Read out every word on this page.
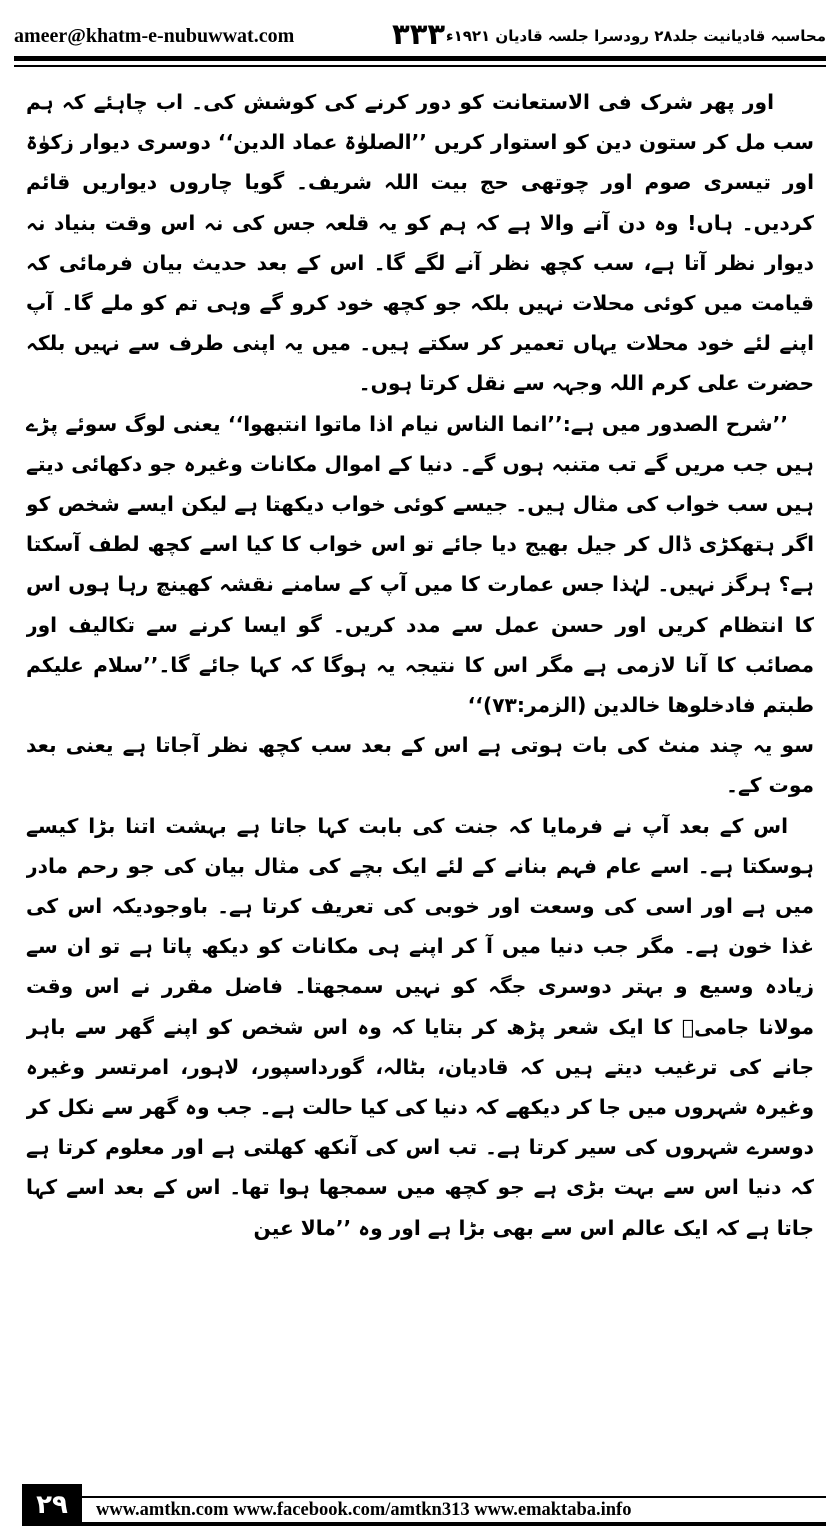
ameer@khatm-e-nubuwwat.com	۳۳۳ محاسبہ قادیانیت جلد۲۸ رودسرا جلسہ قادیان ۱۹۲۱ء

اور پھر شرک فی الاستعانت کو دور کرنے کی کوشش کی۔ اب چاہئے کہ ہم سب مل کر ستون دین کو استوار کریں ’’الصلوٰۃ عماد الدین‘‘ دوسری دیوار زکوٰۃ اور تیسری صوم اور چوتھی حج بیت اللہ شریف۔ گویا چاروں دیواریں قائم کردیں۔ ہاں! وہ دن آنے والا ہے کہ ہم کو یہ قلعہ جس کی نہ اس وقت بنیاد نہ دیوار نظر آتا ہے، سب کچھ نظر آنے لگے گا۔ اس کے بعد حدیث بیان فرمائی کہ قیامت میں کوئی محلات نہیں بلکہ جو کچھ خود کرو گے وہی تم کو ملے گا۔ آپ اپنے لئے خود محلات یہاں تعمیر کر سکتے ہیں۔ میں یہ اپنی طرف سے نہیں بلکہ حضرت علی کرم اللہ وجہہ سے نقل کرتا ہوں۔

’’شرح الصدور میں ہے:’’انما الناس نیام اذا ماتوا انتبھوا‘‘ یعنی لوگ سوئے پڑے ہیں جب مریں گے تب متنبہ ہوں گے۔ دنیا کے اموال مکانات وغیرہ جو دکھائی دیتے ہیں سب خواب کی مثال ہیں۔ جیسے کوئی خواب دیکھتا ہے لیکن ایسے شخص کو اگر ہتھکڑی ڈال کر جیل بھیج دیا جائے تو اس خواب کا کیا اسے کچھ لطف آسکتا ہے؟ ہرگز نہیں۔ لہٰذا جس عمارت کا میں آپ کے سامنے نقشہ کھینچ رہا ہوں اس کا انتظام کریں اور حسن عمل سے مدد کریں۔ گو ایسا کرنے سے تکالیف اور مصائب کا آنا لازمی ہے مگر اس کا نتیجہ یہ ہوگا کہ کہا جائے گا۔’’سلام علیکم طبتم فادخلوھا خالدین (الزمر:۷۳)‘‘

سو یہ چند منٹ کی بات ہوتی ہے اس کے بعد سب کچھ نظر آجاتا ہے یعنی بعد موت کے۔

اس کے بعد آپ نے فرمایا کہ جنت کی بابت کہا جاتا ہے بہشت اتنا بڑا کیسے ہوسکتا ہے۔ اسے عام فہم بنانے کے لئے ایک بچے کی مثال بیان کی جو رحم مادر میں ہے اور اسی کی وسعت اور خوبی کی تعریف کرتا ہے۔ باوجودیکہ اس کی غذا خون ہے۔ مگر جب دنیا میں آ کر اپنے ہی مکانات کو دیکھ پاتا ہے تو ان سے زیادہ وسیع و بہتر دوسری جگہ کو نہیں سمجھتا۔ فاضل مقرر نے اس وقت مولانا جامیؒ کا ایک شعر پڑھ کر بتایا کہ وہ اس شخص کو اپنے گھر سے باہر جانے کی ترغیب دیتے ہیں کہ قادیان، بٹالہ، گورداسپور، لاہور، امرتسر وغیرہ وغیرہ شہروں میں جا کر دیکھے کہ دنیا کی کیا حالت ہے۔ جب وہ گھر سے نکل کر دوسرے شہروں کی سیر کرتا ہے۔ تب اس کی آنکھ کھلتی ہے اور معلوم کرتا ہے کہ دنیا اس سے بہت بڑی ہے جو کچھ میں سمجھا ہوا تھا۔ اس کے بعد اسے کہا جاتا ہے کہ ایک عالم اس سے بھی بڑا ہے اور وہ ’’مالا عین

۲۹	www.amtkn.com www.facebook.com/amtkn313 www.emaktaba.info
